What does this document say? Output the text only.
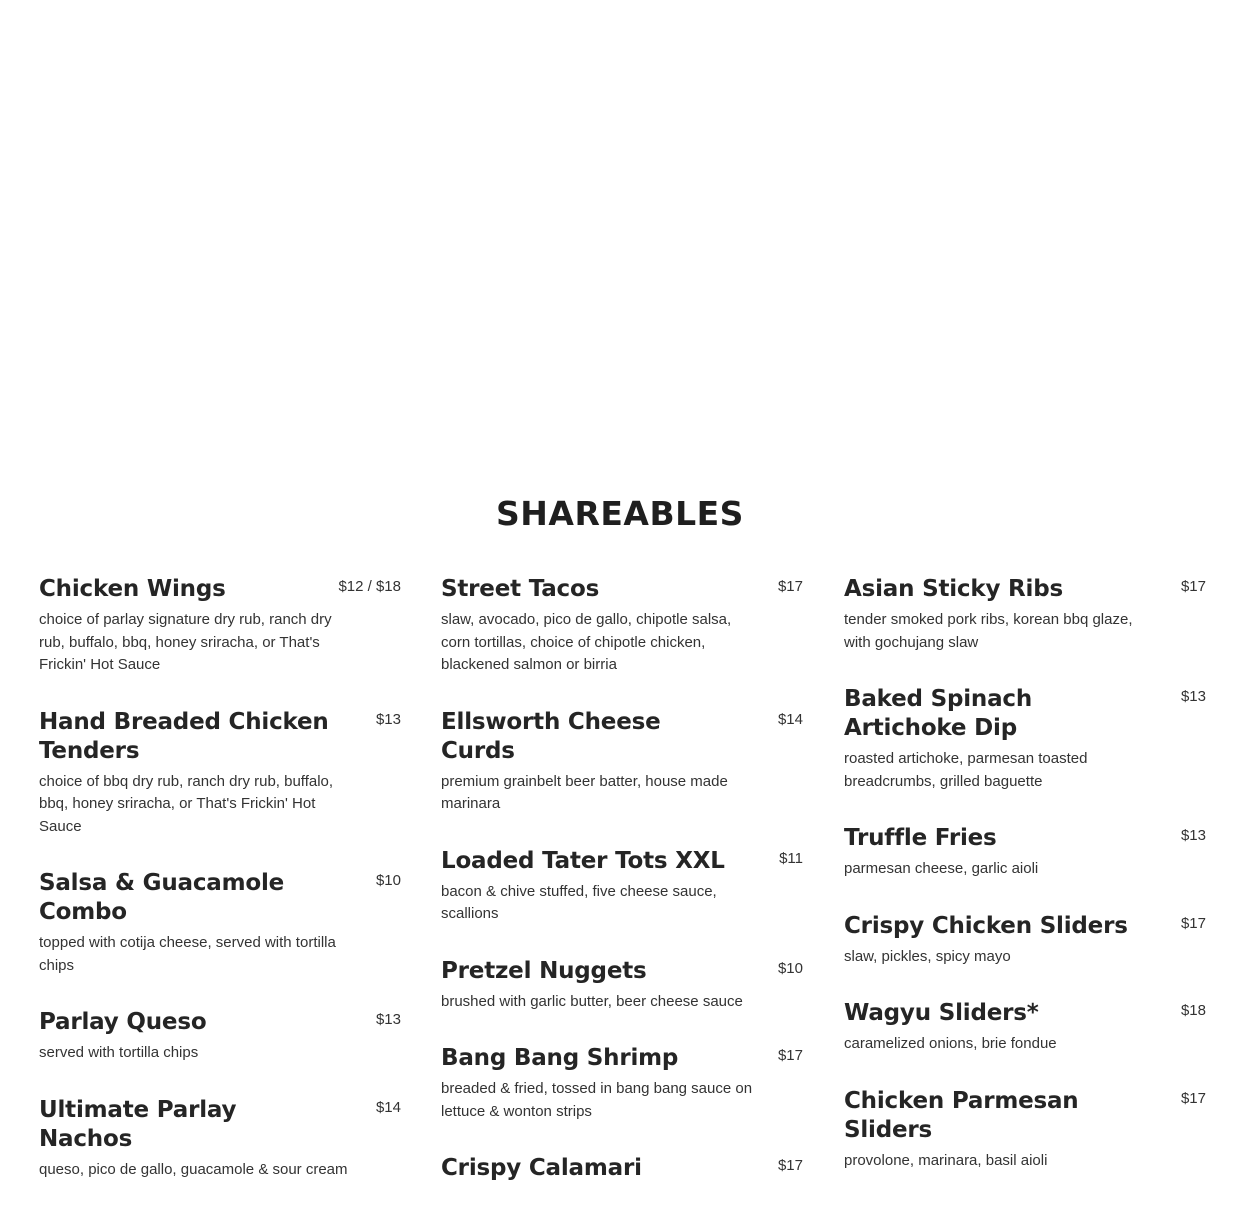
SHAREABLES
Chicken Wings	$12 / $18
choice of parlay signature dry rub, ranch dry rub, buffalo, bbq, honey sriracha, or That's Frickin' Hot Sauce
Hand Breaded Chicken Tenders
$13
choice of bbq dry rub, ranch dry rub, buffalo, bbq, honey sriracha, or That's Frickin' Hot Sauce
Salsa & Guacamole Combo
$10
topped with cotija cheese, served with tortilla chips
Parlay Queso	$13
served with tortilla chips
Ultimate Parlay Nachos
$14
queso, pico de gallo, guacamole & sour cream
Street Tacos	$17
slaw, avocado, pico de gallo, chipotle salsa, corn tortillas, choice of chipotle chicken, blackened salmon or birria
Ellsworth Cheese Curds
$14
premium grainbelt beer batter, house made marinara
Loaded Tater Tots XXL	$11
bacon & chive stuffed, five cheese sauce, scallions
Pretzel Nuggets	$10
brushed with garlic butter, beer cheese sauce
Bang Bang Shrimp	$17
breaded & fried, tossed in bang bang sauce on lettuce & wonton strips
Crispy Calamari	$17
Asian Sticky Ribs	$17
tender smoked pork ribs, korean bbq glaze, with gochujang slaw
Baked Spinach Artichoke Dip
$13
roasted artichoke, parmesan toasted breadcrumbs, grilled baguette
Truffle Fries	$13
parmesan cheese, garlic aioli
Crispy Chicken Sliders	$17
slaw, pickles, spicy mayo
Wagyu Sliders*	$18
caramelized onions, brie fondue
Chicken Parmesan Sliders
$17
provolone, marinara, basil aioli
